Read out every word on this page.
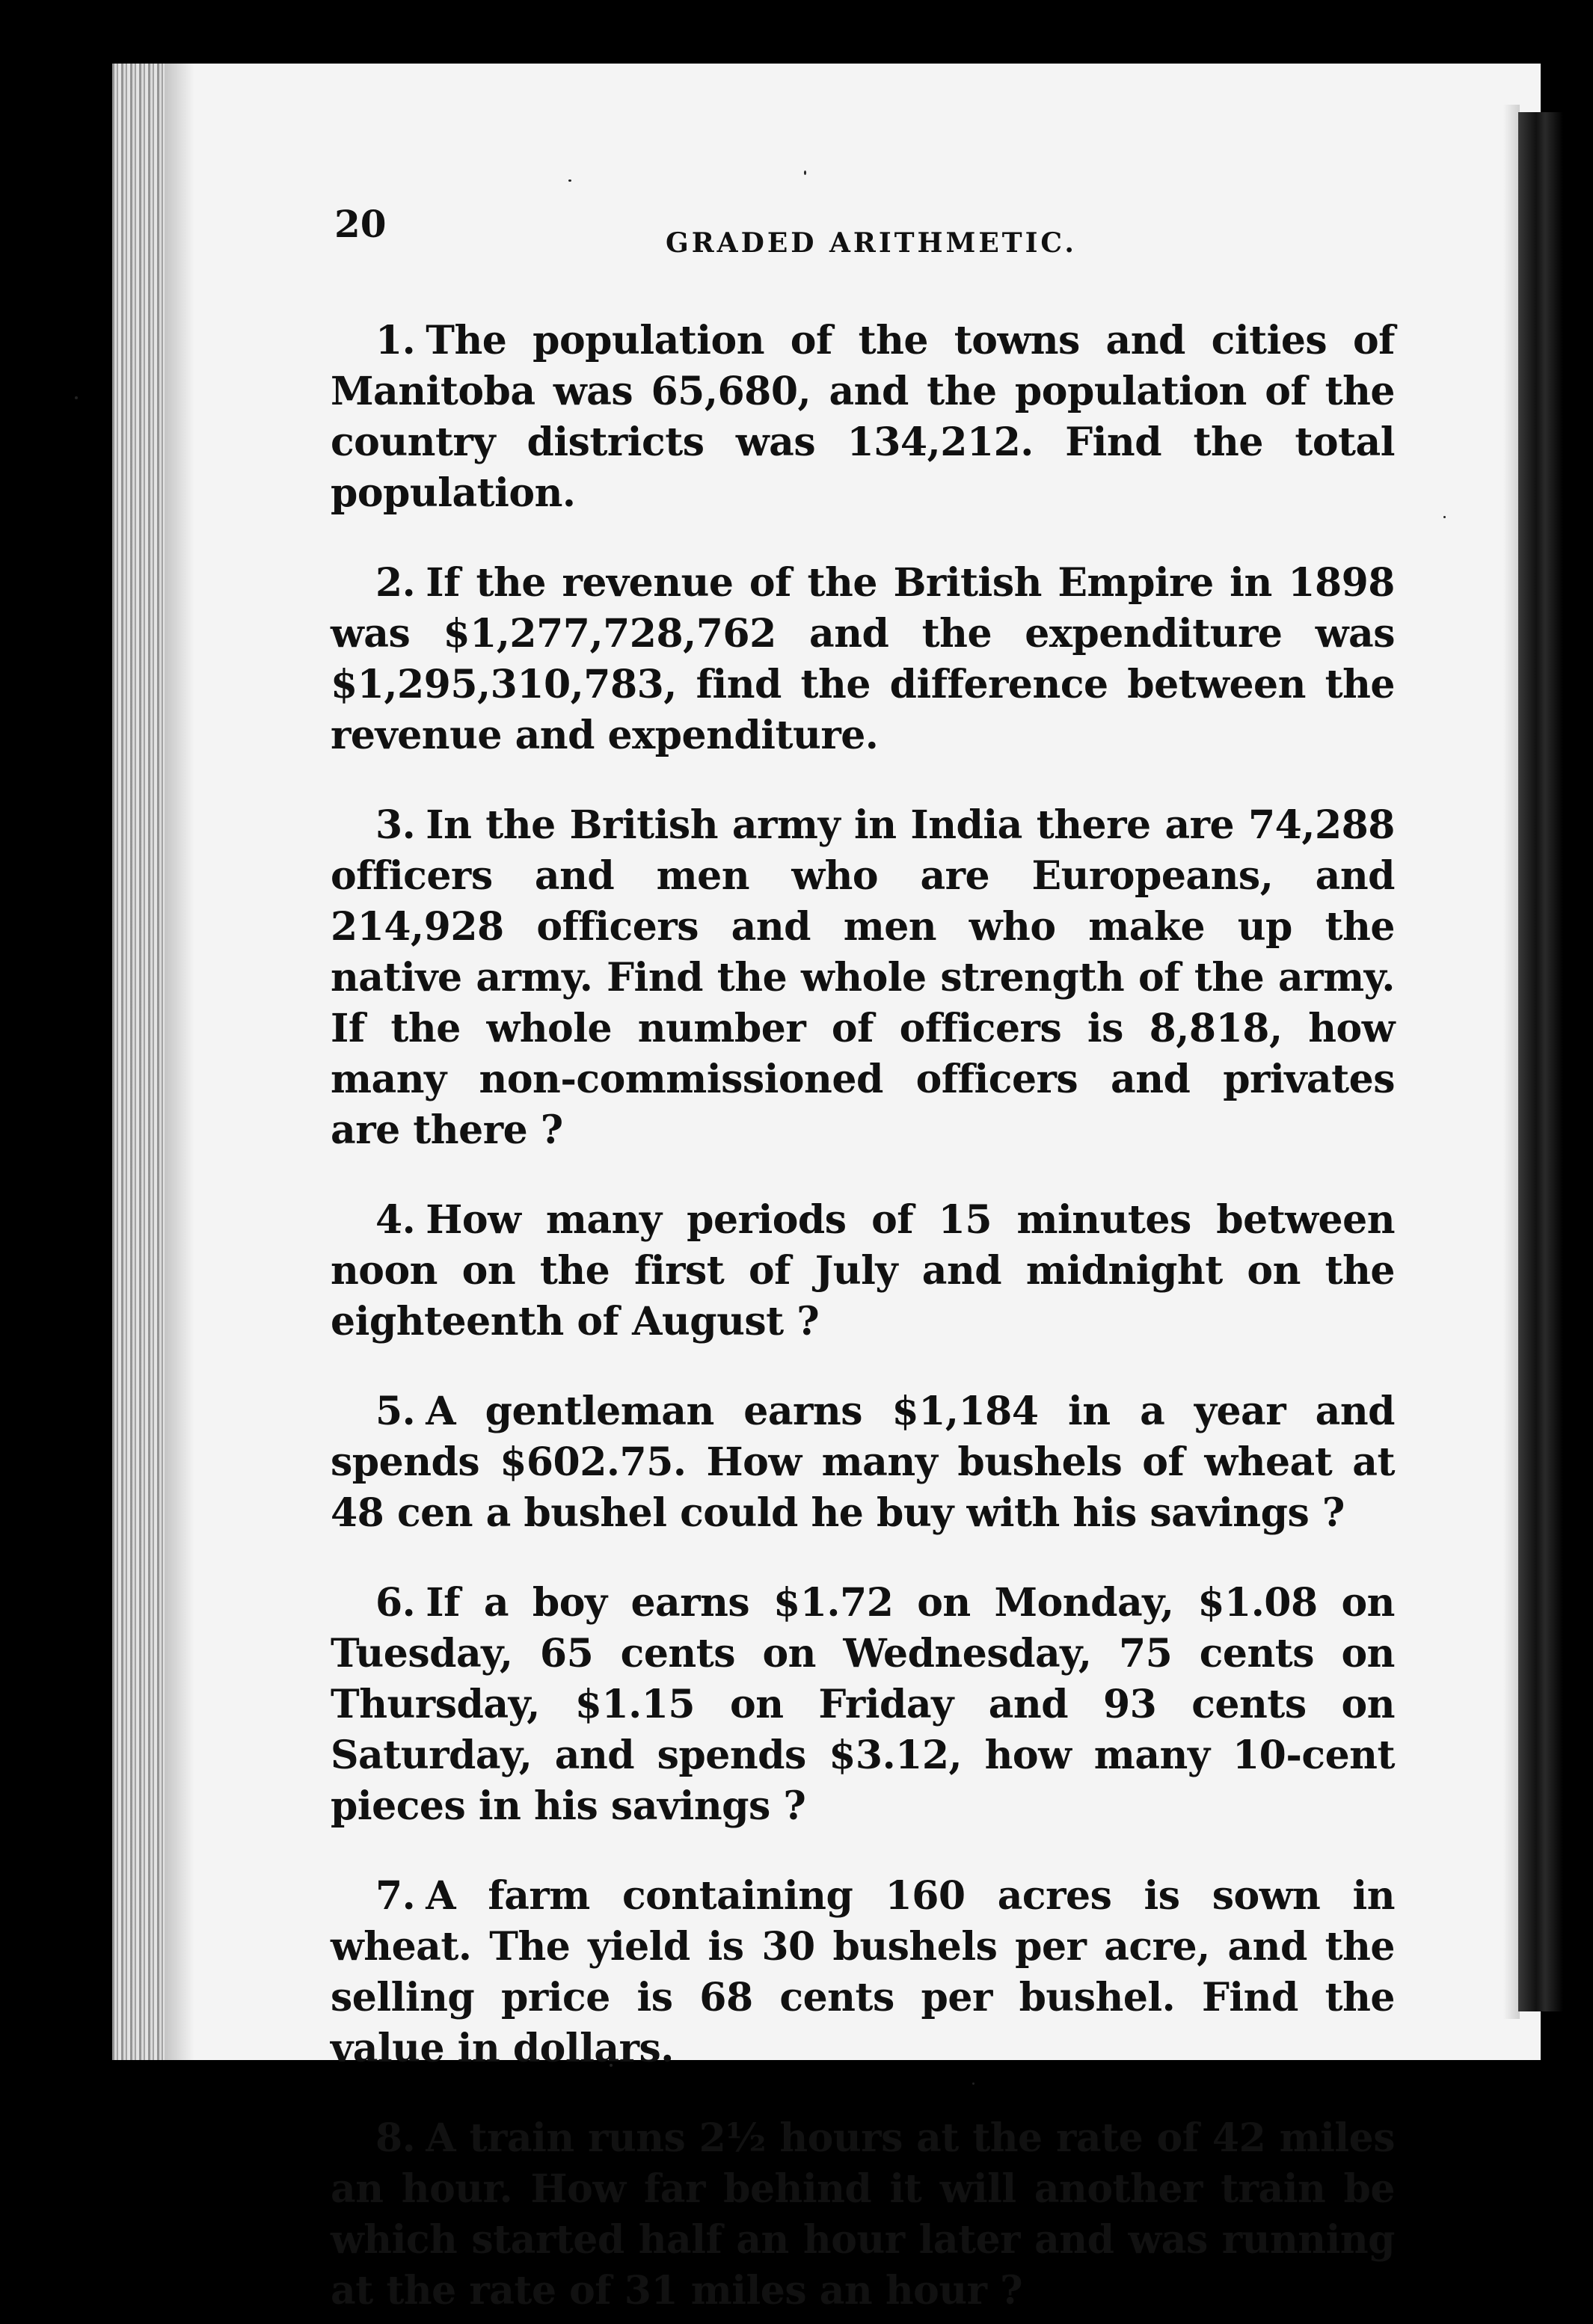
20	GRADED ARITHMETIC.

1. The population of the towns and cities of Manitoba was 65,680, and the population of the country districts was 134,212. Find the total population.

2. If the revenue of the British Empire in 1898 was $1,277,728,762 and the expenditure was $1,295,310,783, find the difference between the revenue and expenditure.

3. In the British army in India there are 74,288 officers and men who are Europeans, and 214,928 officers and men who make up the native army. Find the whole strength of the army. If the whole number of officers is 8,818, how many non-commissioned officers and privates are there ?

4. How many periods of 15 minutes between noon on the first of July and midnight on the eighteenth of August ?

5. A gentleman earns $1,184 in a year and spends $602.75. How many bushels of wheat at 48 cen a bushel could he buy with his savings ?

6. If a boy earns $1.72 on Monday, $1.08 on Tuesday, 65 cents on Wednesday, 75 cents on Thursday, $1.15 on Friday and 93 cents on Saturday, and spends $3.12, how many 10-cent pieces in his savings ?

7. A farm containing 160 acres is sown in wheat. The yield is 30 bushels per acre, and the selling price is 68 cents per bushel. Find the value in dollars.

8. A train runs 2½ hours at the rate of 42 miles an hour. How far behind it will another train be which started half an hour later and was running at the rate of 31 miles an hour ?
